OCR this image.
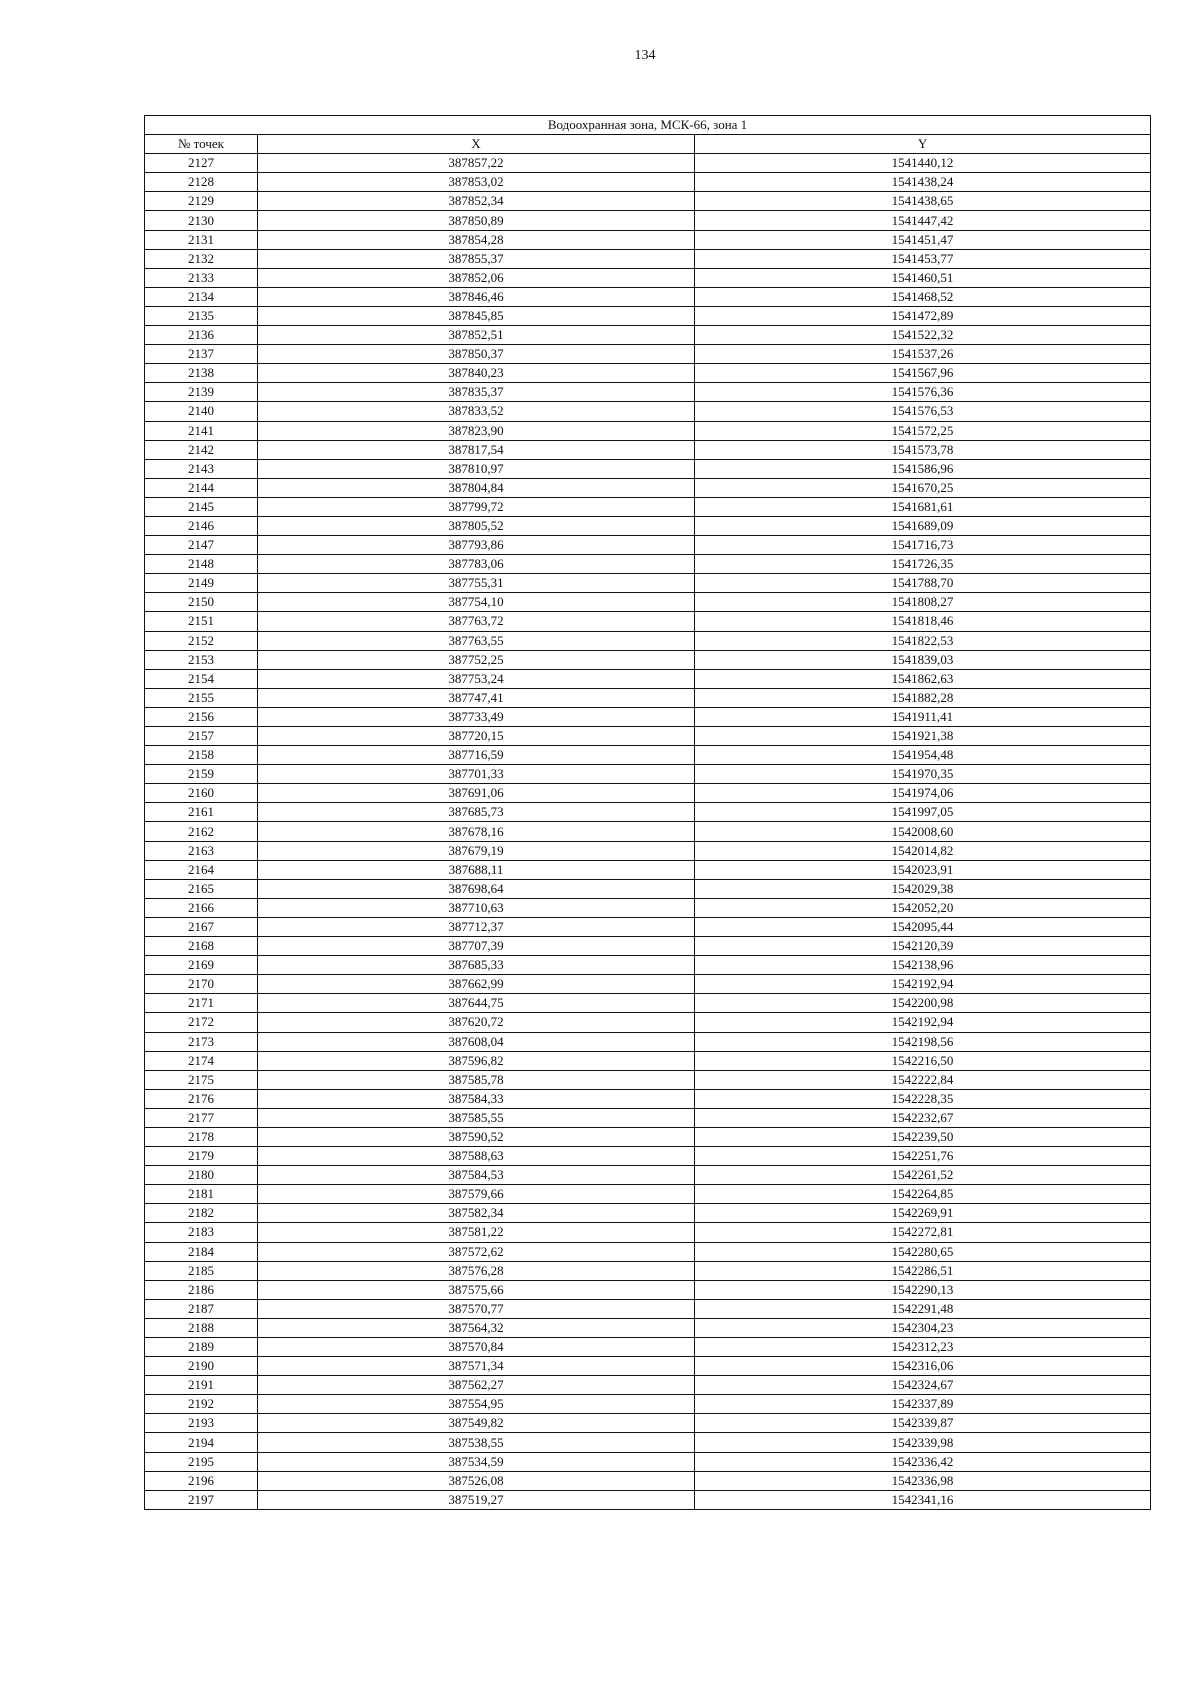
134
Водоохранная зона, МСК-66, зона 1		
№ точек	X	Y
2127	387857,22	1541440,12
2128	387853,02	1541438,24
2129	387852,34	1541438,65
2130	387850,89	1541447,42
2131	387854,28	1541451,47
2132	387855,37	1541453,77
2133	387852,06	1541460,51
2134	387846,46	1541468,52
2135	387845,85	1541472,89
2136	387852,51	1541522,32
2137	387850,37	1541537,26
2138	387840,23	1541567,96
2139	387835,37	1541576,36
2140	387833,52	1541576,53
2141	387823,90	1541572,25
2142	387817,54	1541573,78
2143	387810,97	1541586,96
2144	387804,84	1541670,25
2145	387799,72	1541681,61
2146	387805,52	1541689,09
2147	387793,86	1541716,73
2148	387783,06	1541726,35
2149	387755,31	1541788,70
2150	387754,10	1541808,27
2151	387763,72	1541818,46
2152	387763,55	1541822,53
2153	387752,25	1541839,03
2154	387753,24	1541862,63
2155	387747,41	1541882,28
2156	387733,49	1541911,41
2157	387720,15	1541921,38
2158	387716,59	1541954,48
2159	387701,33	1541970,35
2160	387691,06	1541974,06
2161	387685,73	1541997,05
2162	387678,16	1542008,60
2163	387679,19	1542014,82
2164	387688,11	1542023,91
2165	387698,64	1542029,38
2166	387710,63	1542052,20
2167	387712,37	1542095,44
2168	387707,39	1542120,39
2169	387685,33	1542138,96
2170	387662,99	1542192,94
2171	387644,75	1542200,98
2172	387620,72	1542192,94
2173	387608,04	1542198,56
2174	387596,82	1542216,50
2175	387585,78	1542222,84
2176	387584,33	1542228,35
2177	387585,55	1542232,67
2178	387590,52	1542239,50
2179	387588,63	1542251,76
2180	387584,53	1542261,52
2181	387579,66	1542264,85
2182	387582,34	1542269,91
2183	387581,22	1542272,81
2184	387572,62	1542280,65
2185	387576,28	1542286,51
2186	387575,66	1542290,13
2187	387570,77	1542291,48
2188	387564,32	1542304,23
2189	387570,84	1542312,23
2190	387571,34	1542316,06
2191	387562,27	1542324,67
2192	387554,95	1542337,89
2193	387549,82	1542339,87
2194	387538,55	1542339,98
2195	387534,59	1542336,42
2196	387526,08	1542336,98
2197	387519,27	1542341,16
